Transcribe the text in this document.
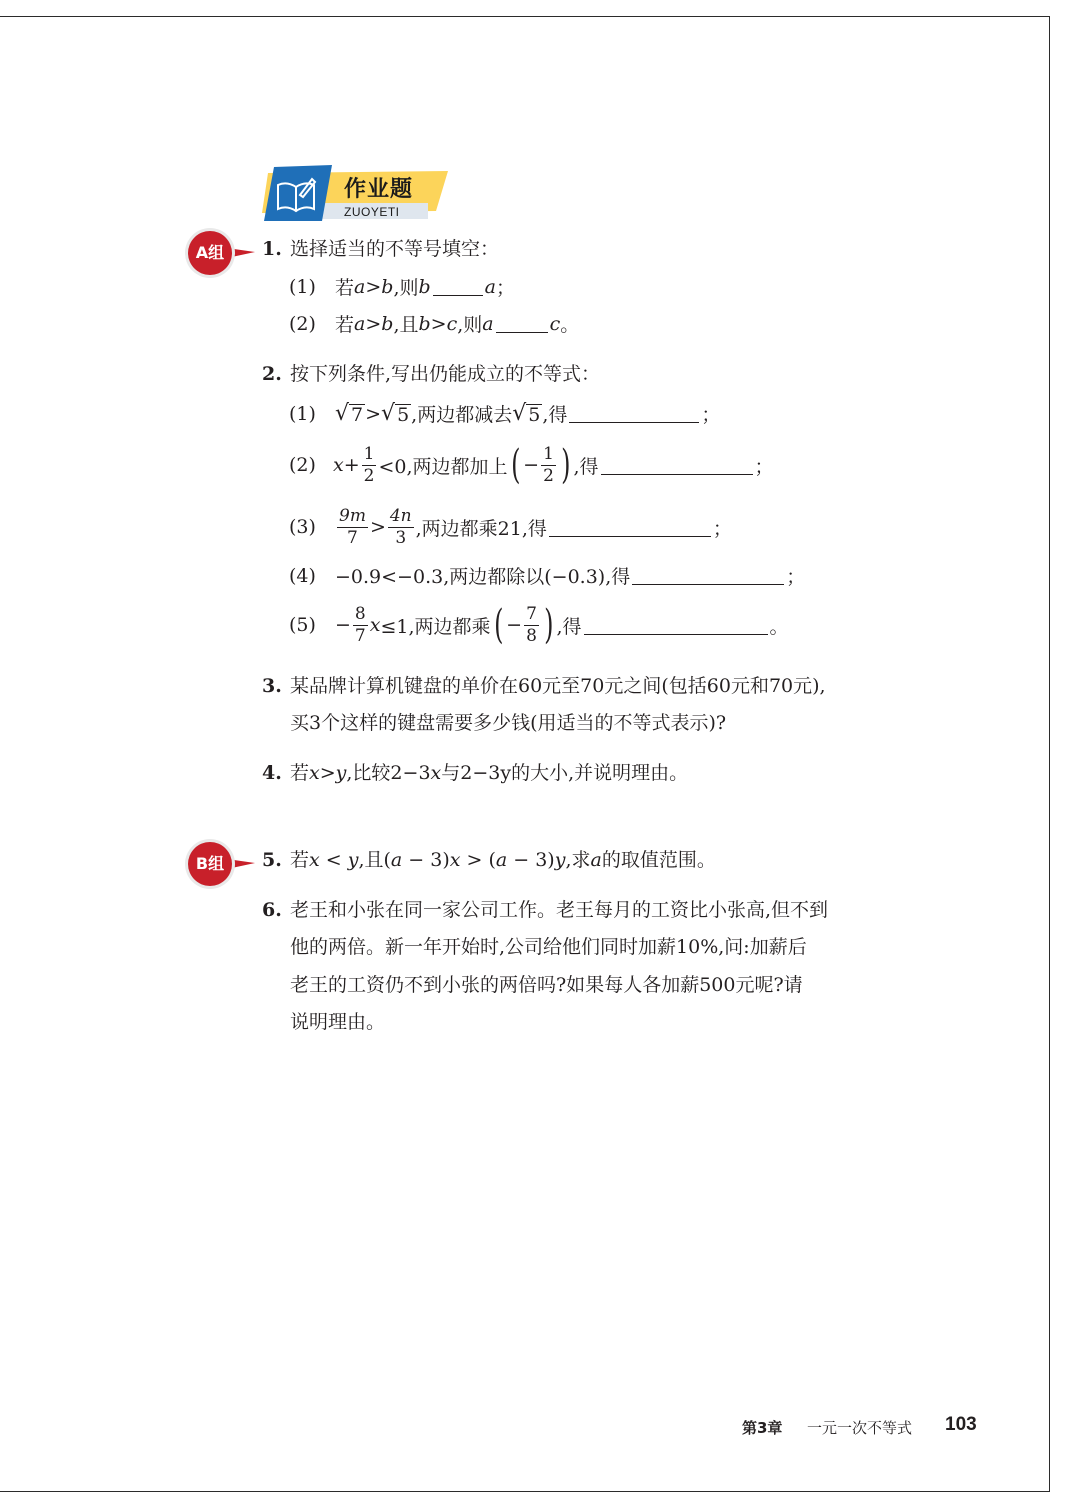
作业题
ZUOYETI
A组	1. 选择适当的不等号填空：
(1)	若 a > b ,则 b	a ；
(2)	若 a > b ,且 b > c ,则 a	c 。
2. 按下列条件,写出仍能成立的不等式：
(1) √ 7 > √ 5 ,两边都减去 √ 5 ,得	；
(2) $x + \frac{1}{2} <0$,两边都加上 ( − $\frac{1}{2}$ ) ,得	；
(3)	$\frac{9m}{7} > \frac{4n}{3}$ ,两边都乘21,得	；
(4)	−0.9<−0.3,两边都除以(−0.3),得	；
(5)	− $\frac{8}{7}$ x ≤1,两边都乘 ( − $\frac{7}{8}$ ) ,得	。
3. 某品牌计算机键盘的单价在60元至70元之间(包括60元和70元),
买3个这样的键盘需要多少钱(用适当的不等式表示)?
4. 若x>y,比较2−3x与2−3y的大小,并说明理由。
B组	5. 若x < y,且(a − 3)x > (a − 3)y,求a的取值范围。
6. 老王和小张在同一家公司工作。老王每月的工资比小张高,但不到
他的两倍。新一年开始时,公司给他们同时加薪10%,问:加薪后
老王的工资仍不到小张的两倍吗?如果每人各加薪500元呢?请
说明理由。
第3章 一元一次不等式 103
